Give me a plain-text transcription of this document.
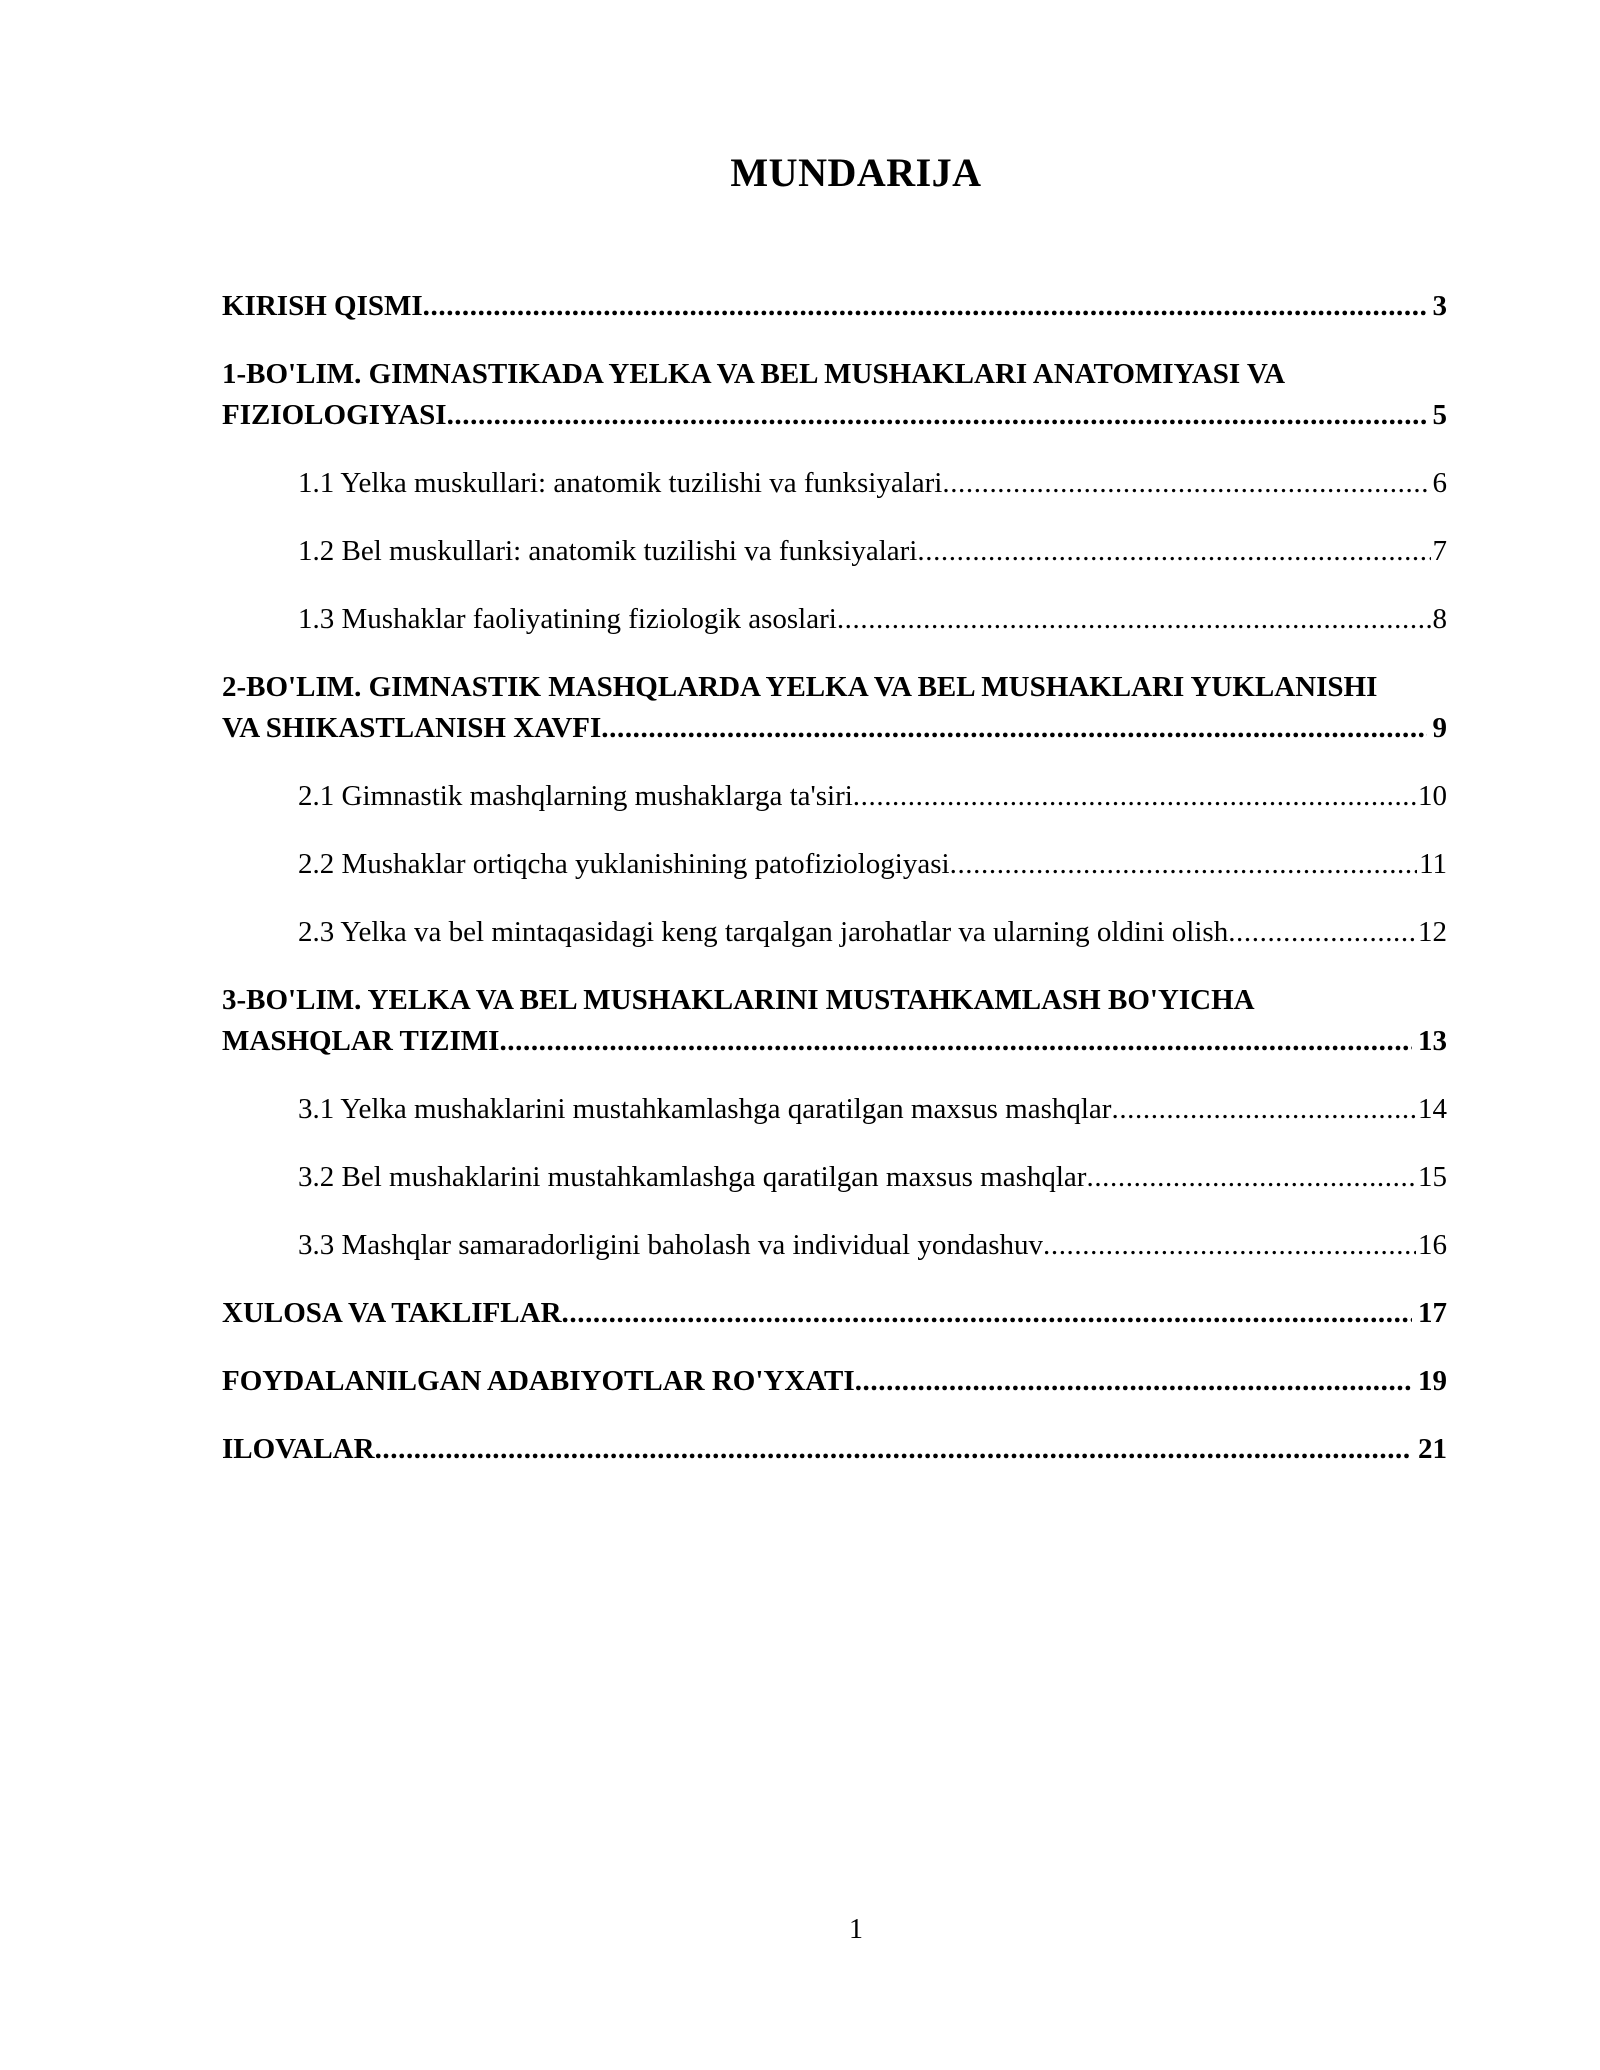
MUNDARIJA
KIRISH QISMI .....	3
1-BO'LIM. GIMNASTIKADA YELKA VA BEL MUSHAKLARI ANATOMIYASI VA
FIZIOLOGIYASI .....	5
1.1 Yelka muskullari: anatomik tuzilishi va funksiyalari .....	6
1.2 Bel muskullari: anatomik tuzilishi va funksiyalari .....	7
1.3 Mushaklar faoliyatining fiziologik asoslari .....	8
2-BO'LIM. GIMNASTIK MASHQLARDA YELKA VA BEL MUSHAKLARI YUKLANISHI
VA SHIKASTLANISH XAVFI .....	9
2.1 Gimnastik mashqlarning mushaklarga ta'siri .....	10
2.2 Mushaklar ortiqcha yuklanishining patofiziologiyasi .....	11
2.3 Yelka va bel mintaqasidagi keng tarqalgan jarohatlar va ularning oldini olish .....	12
3-BO'LIM. YELKA VA BEL MUSHAKLARINI MUSTAHKAMLASH BO'YICHA
MASHQLAR TIZIMI .....	13
3.1 Yelka mushaklarini mustahkamlashga qaratilgan maxsus mashqlar .....	14
3.2 Bel mushaklarini mustahkamlashga qaratilgan maxsus mashqlar .....	15
3.3 Mashqlar samaradorligini baholash va individual yondashuv .....	16
XULOSA VA TAKLIFLAR .....	17
FOYDALANILGAN ADABIYOTLAR RO'YXATI .....	19
ILOVALAR .....	21
1
